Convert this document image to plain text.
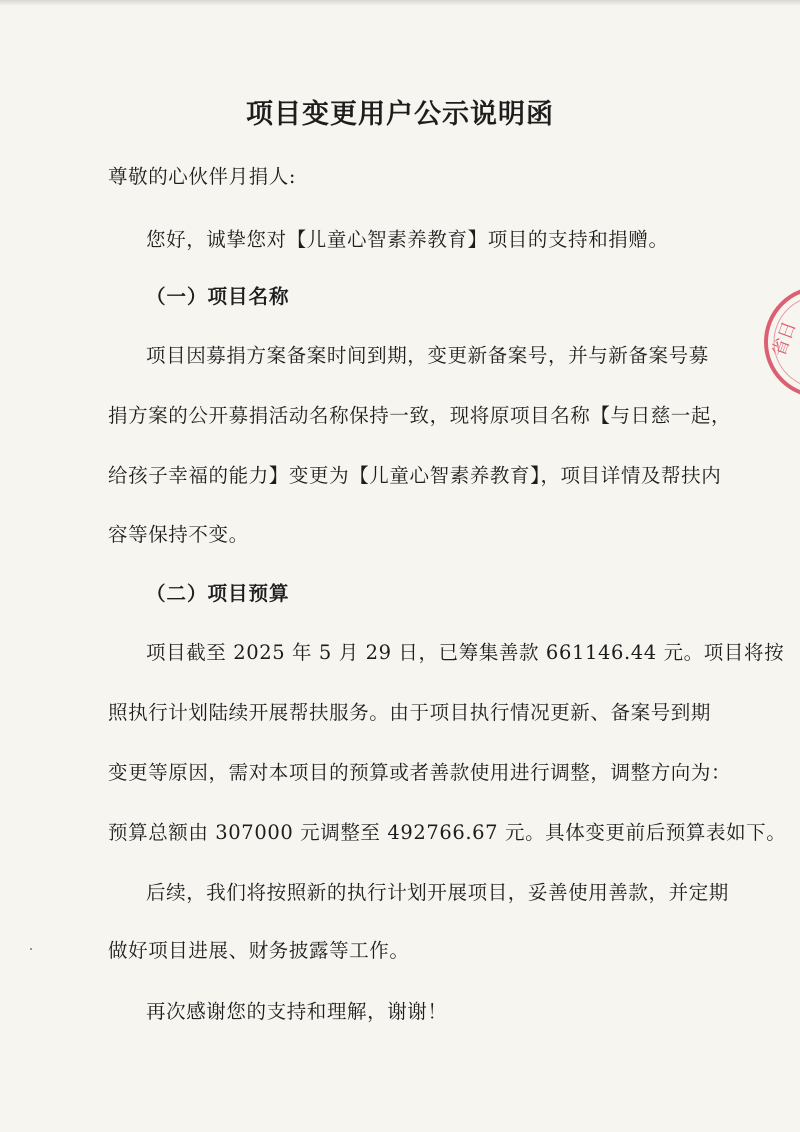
项目变更用户公示说明函
尊敬的心伙伴月捐人:
您好，诚挚您对【儿童心智素养教育】项目的支持和捐赠。
（一）项目名称
项目因募捐方案备案时间到期，变更新备案号，并与新备案号募
捐方案的公开募捐活动名称保持一致，现将原项目名称【与日慈一起，
给孩子幸福的能力】变更为【儿童心智素养教育】，项目详情及帮扶内
容等保持不变。
（二）项目预算
项目截至 2025 年 5 月 29 日，已筹集善款 661146.44 元。项目将按
照执行计划陆续开展帮扶服务。由于项目执行情况更新、备案号到期
变更等原因，需对本项目的预算或者善款使用进行调整，调整方向为：
预算总额由 307000 元调整至 492766.67 元。具体变更前后预算表如下。
后续，我们将按照新的执行计划开展项目，妥善使用善款，并定期
做好项目进展、财务披露等工作。
再次感谢您的支持和理解，谢谢！
省日
